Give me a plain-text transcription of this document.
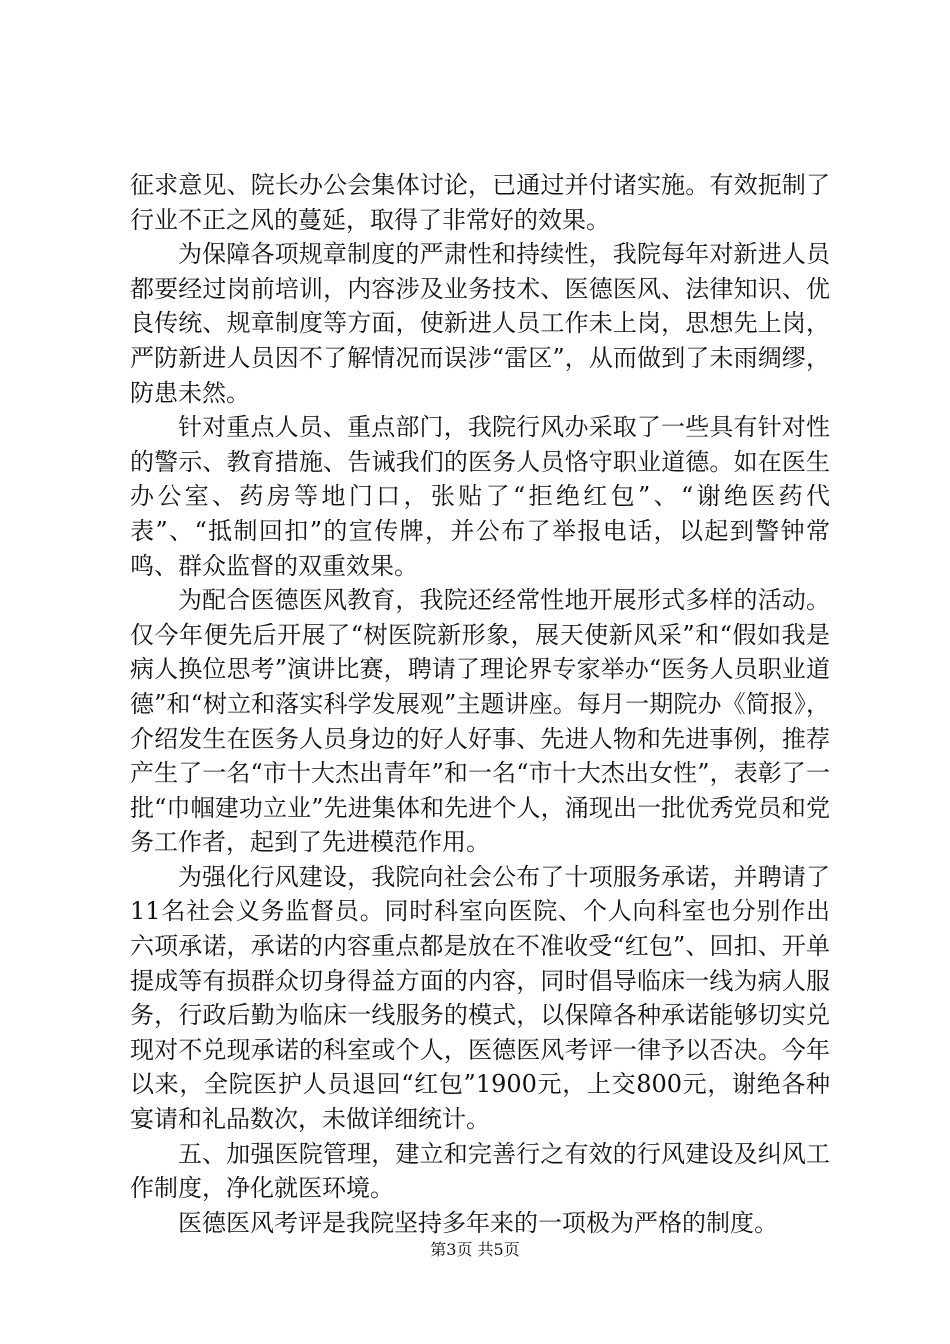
征求意见、院长办公会集体讨论，已通过并付诸实施。有效扼制了行业不正之风的蔓延，取得了非常好的效果。

为保障各项规章制度的严肃性和持续性，我院每年对新进人员都要经过岗前培训，内容涉及业务技术、医德医风、法律知识、优良传统、规章制度等方面，使新进人员工作未上岗，思想先上岗，严防新进人员因不了解情况而误涉“雷区”，从而做到了未雨绸缪，防患未然。

针对重点人员、重点部门，我院行风办采取了一些具有针对性的警示、教育措施、告诫我们的医务人员恪守职业道德。如在医生办公室、药房等地门口，张贴了“拒绝红包”、“谢绝医药代表”、“抵制回扣”的宣传牌，并公布了举报电话，以起到警钟常鸣、群众监督的双重效果。

为配合医德医风教育，我院还经常性地开展形式多样的活动。仅今年便先后开展了“树医院新形象，展天使新风采”和“假如我是病人换位思考”演讲比赛，聘请了理论界专家举办“医务人员职业道德”和“树立和落实科学发展观”主题讲座。每月一期院办《简报》，介绍发生在医务人员身边的好人好事、先进人物和先进事例，推荐产生了一名“市十大杰出青年”和一名“市十大杰出女性”，表彰了一批“巾帼建功立业”先进集体和先进个人，涌现出一批优秀党员和党务工作者，起到了先进模范作用。

为强化行风建设，我院向社会公布了十项服务承诺，并聘请了11名社会义务监督员。同时科室向医院、个人向科室也分别作出六项承诺，承诺的内容重点都是放在不准收受“红包”、回扣、开单提成等有损群众切身得益方面的内容，同时倡导临床一线为病人服务，行政后勤为临床一线服务的模式，以保障各种承诺能够切实兑现对不兑现承诺的科室或个人，医德医风考评一律予以否决。今年以来，全院医护人员退回“红包”1900元，上交800元，谢绝各种宴请和礼品数次，未做详细统计。

五、加强医院管理，建立和完善行之有效的行风建设及纠风工作制度，净化就医环境。

医德医风考评是我院坚持多年来的一项极为严格的制度。

第3页 共5页
